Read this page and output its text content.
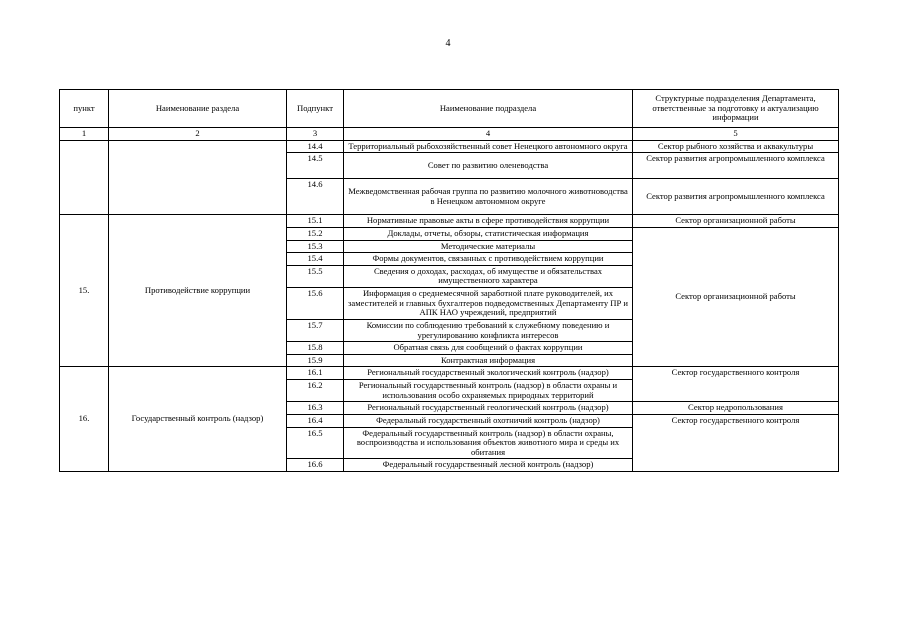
4
пункт	Наименование раздела	Подпункт	Наименование подраздела	Структурные подразделения Департамента, ответственные за подготовку и актуализацию информации
1	2	3	4	5
		14.4	Территориальный рыбохозяйственный совет Ненецкого автономного округа	Сектор рыбного хозяйства и аквакультуры
		14.5	Совет по развитию оленеводства	Сектор развития агропромышленного комплекса
		14.6	Межведомственная рабочая группа по развитию молочного животноводства в Ненецком автономном округе	Сектор развития агропромышленного комплекса
15.	Противодействие коррупции	15.1	Нормативные правовые акты в сфере противодействия коррупции	Сектор организационной работы
		15.2	Доклады, отчеты, обзоры, статистическая информация	Сектор организационной работы
		15.3	Методические материалы	
		15.4	Формы документов, связанных с противодействием коррупции	
		15.5	Сведения о доходах, расходах, об имуществе и обязательствах имущественного характера	
		15.6	Информация о среднемесячной заработной плате руководителей, их заместителей и главных бухгалтеров подведомственных Департаменту ПР и АПК НАО учреждений, предприятий	
		15.7	Комиссии по соблюдению требований к служебному поведению и урегулированию конфликта интересов	
		15.8	Обратная связь для сообщений о фактах коррупции	
		15.9	Контрактная информация	
16.	Государственный контроль (надзор)	16.1	Региональный государственный экологический контроль (надзор)	Сектор государственного контроля
		16.2	Региональный государственный контроль (надзор) в области охраны и использования особо охраняемых природных территорий	
		16.3	Региональный государственный геологический контроль (надзор)	Сектор недропользования
		16.4	Федеральный государственный охотничий контроль (надзор)	Сектор государственного контроля
		16.5	Федеральный государственный контроль (надзор) в области охраны, воспроизводства и использования объектов животного мира и среды их обитания	
		16.6	Федеральный государственный лесной контроль (надзор)	
